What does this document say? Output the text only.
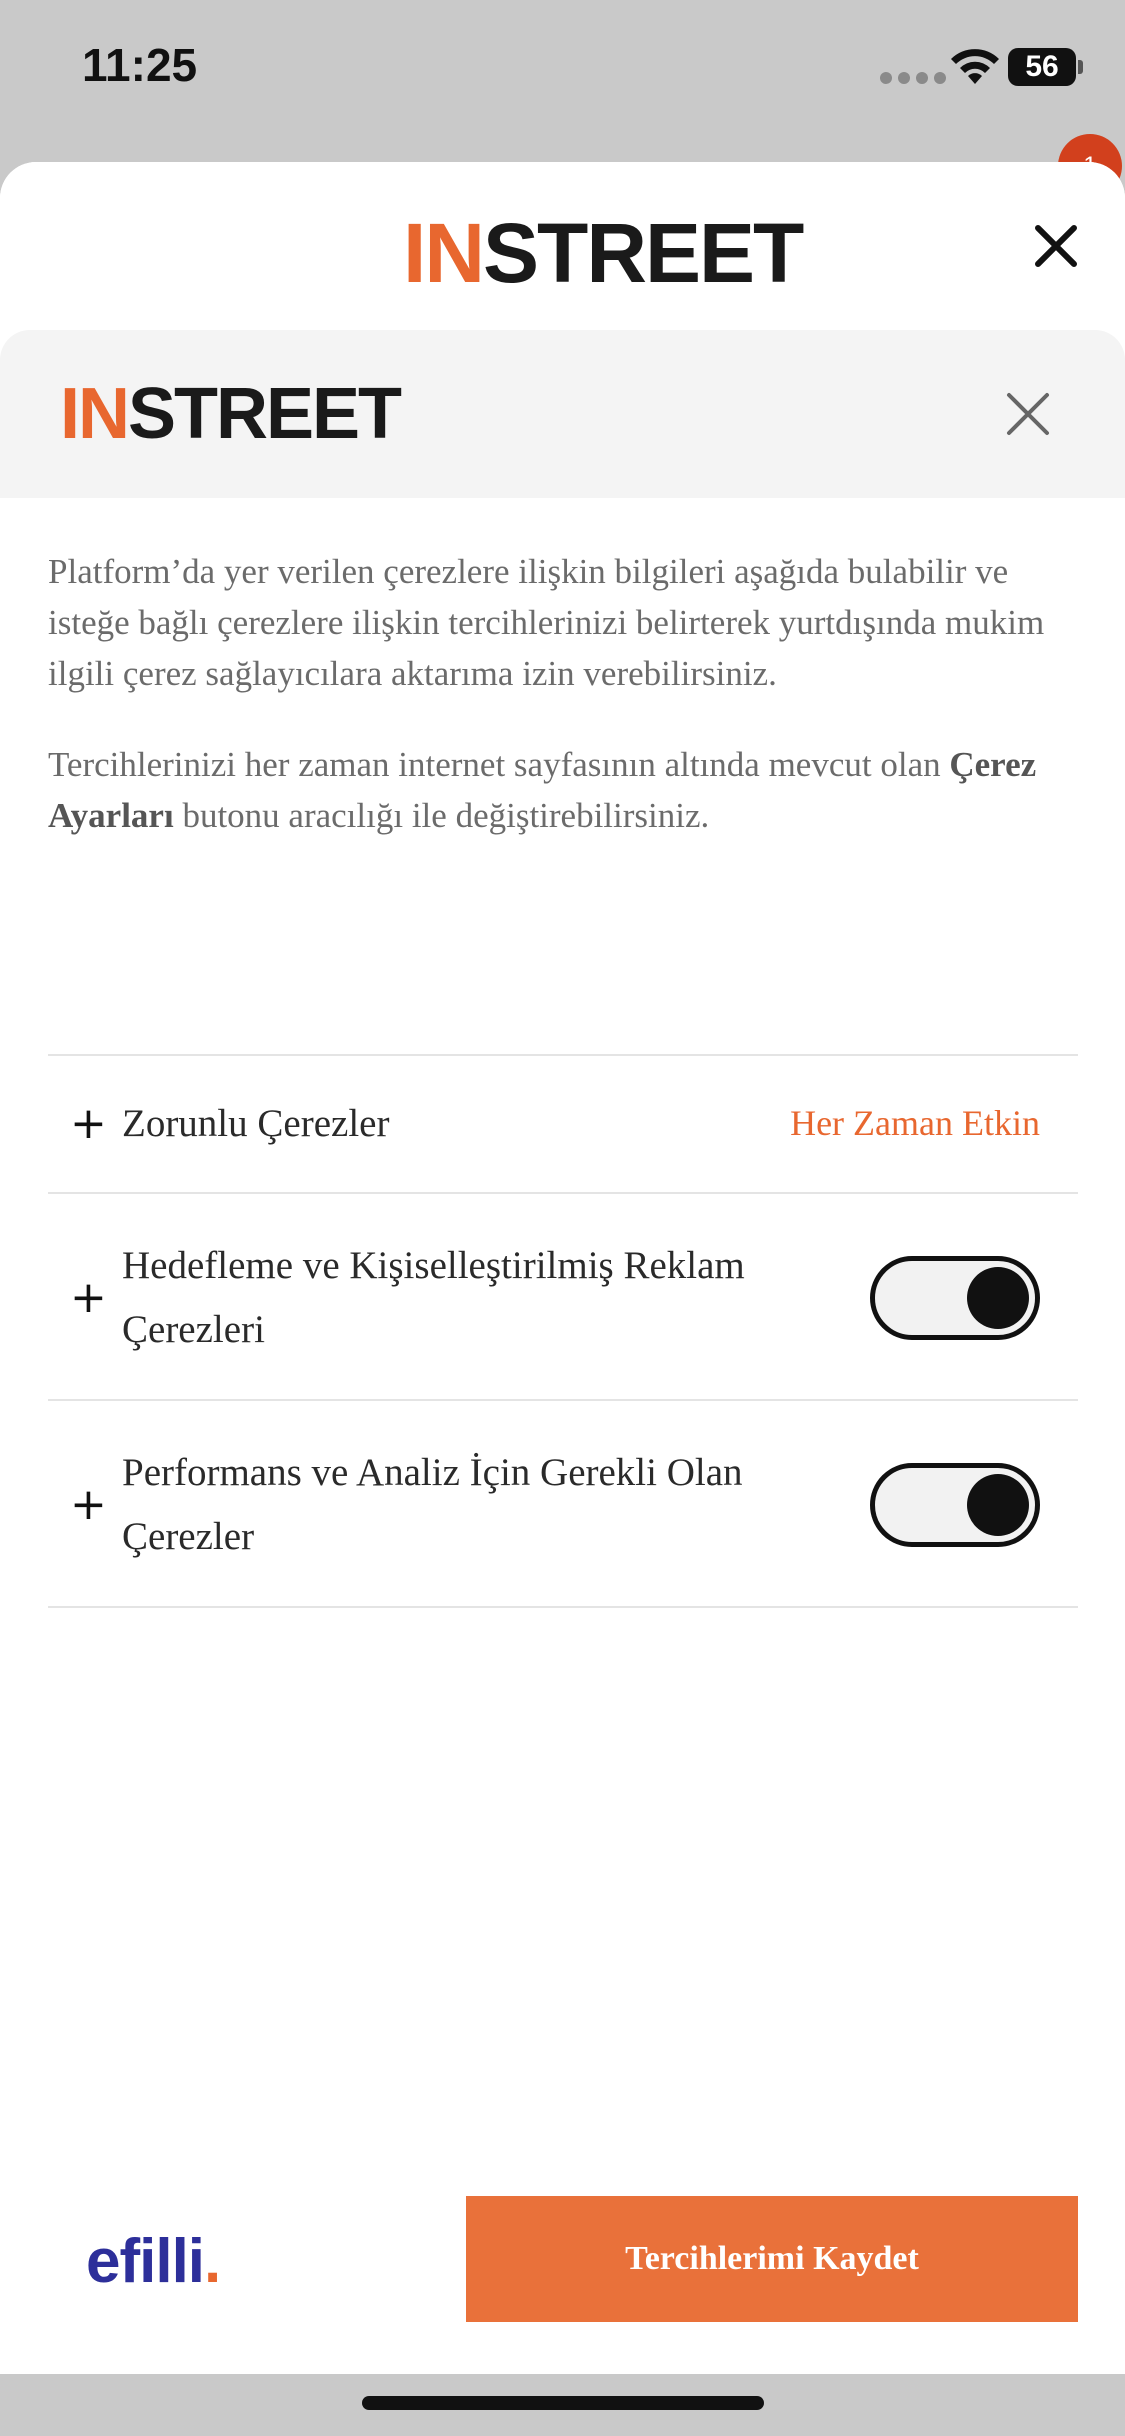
11:25	56
IN STREET
IN STREET

Platform’da yer verilen çerezlere ilişkin bilgileri aşağıda bulabilir ve isteğe bağlı çerezlere ilişkin tercihlerinizi belirterek yurtdışında mukim ilgili çerez sağlayıcılara aktarıma izin verebilirsiniz.

Tercihlerinizi her zaman internet sayfasının altında mevcut olan Çerez Ayarları butonu aracılığı ile değiştirebilirsiniz.

+ Zorunlu Çerezler	Her Zaman Etkin
+
Hedefleme ve Kişiselleştirilmiş Reklam Çerezleri
+
Performans ve Analiz İçin Gerekli Olan Çerezler
efilli.	Tercihlerimi Kaydet
